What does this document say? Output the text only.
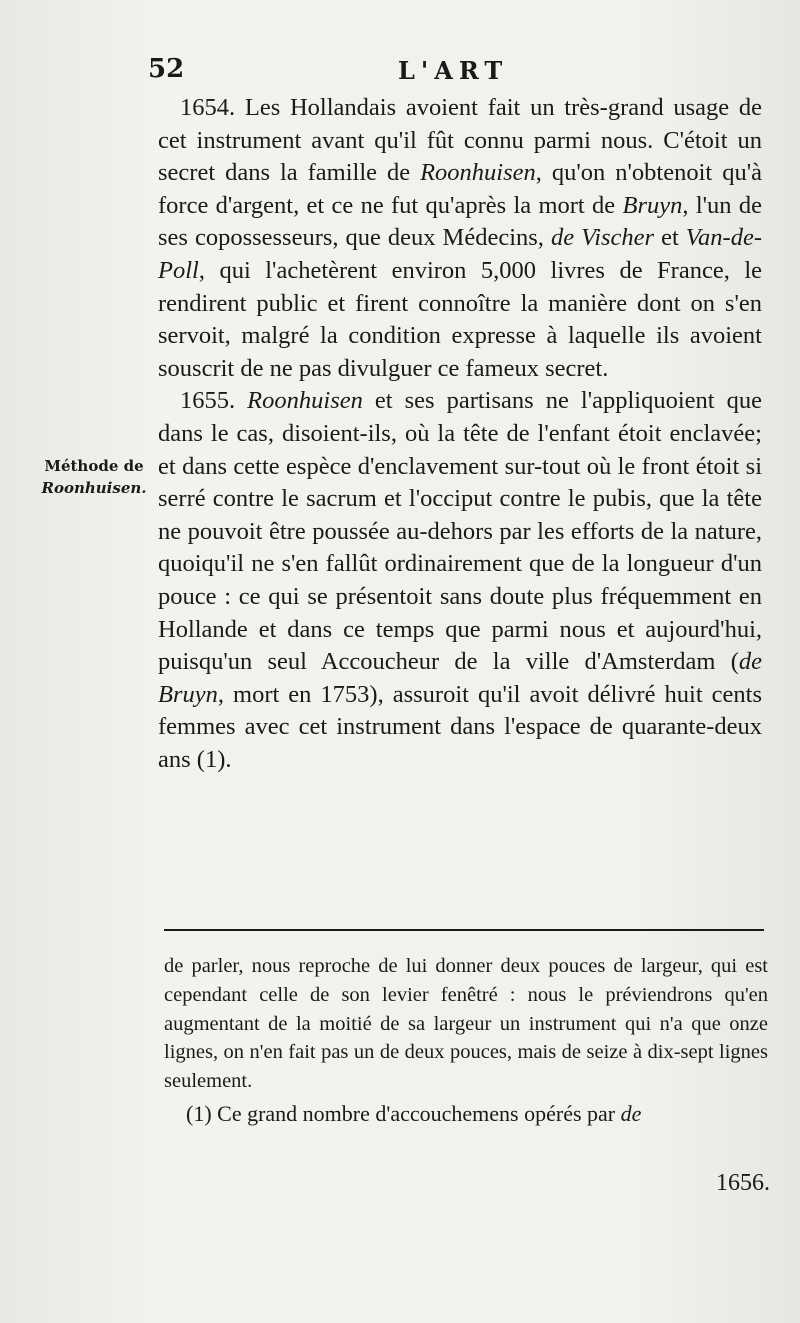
52	L'ART
Méthode de
Roonhuisen.

1654. Les Hollandais avoient fait un très-grand usage de cet instrument avant qu'il fût connu parmi nous. C'étoit un secret dans la famille de Roonhuisen, qu'on n'obtenoit qu'à force d'argent, et ce ne fut qu'après la mort de Bruyn, l'un de ses copossesseurs, que deux Médecins, de Vischer et Van-de-Poll, qui l'achetèrent environ 5,000 livres de France, le rendirent public et firent connoître la manière dont on s'en servoit, malgré la condition expresse à laquelle ils avoient souscrit de ne pas divulguer ce fameux secret.

1655. Roonhuisen et ses partisans ne l'appliquoient que dans le cas, disoient-ils, où la tête de l'enfant étoit enclavée; et dans cette espèce d'enclavement sur-tout où le front étoit si serré contre le sacrum et l'occiput contre le pubis, que la tête ne pouvoit être poussée au-dehors par les efforts de la nature, quoiqu'il ne s'en fallût ordinairement que de la longueur d'un pouce : ce qui se présentoit sans doute plus fréquemment en Hollande et dans ce temps que parmi nous et aujourd'hui, puisqu'un seul Accoucheur de la ville d'Amsterdam (de Bruyn, mort en 1753), assuroit qu'il avoit délivré huit cents femmes avec cet instrument dans l'espace de quarante-deux ans (1).

de parler, nous reproche de lui donner deux pouces de largeur, qui est cependant celle de son levier fenêtré : nous le préviendrons qu'en augmentant de la moitié de sa largeur un instrument qui n'a que onze lignes, on n'en fait pas un de deux pouces, mais de seize à dix-sept lignes seulement.

(1) Ce grand nombre d'accouchemens opérés par de

1656.
